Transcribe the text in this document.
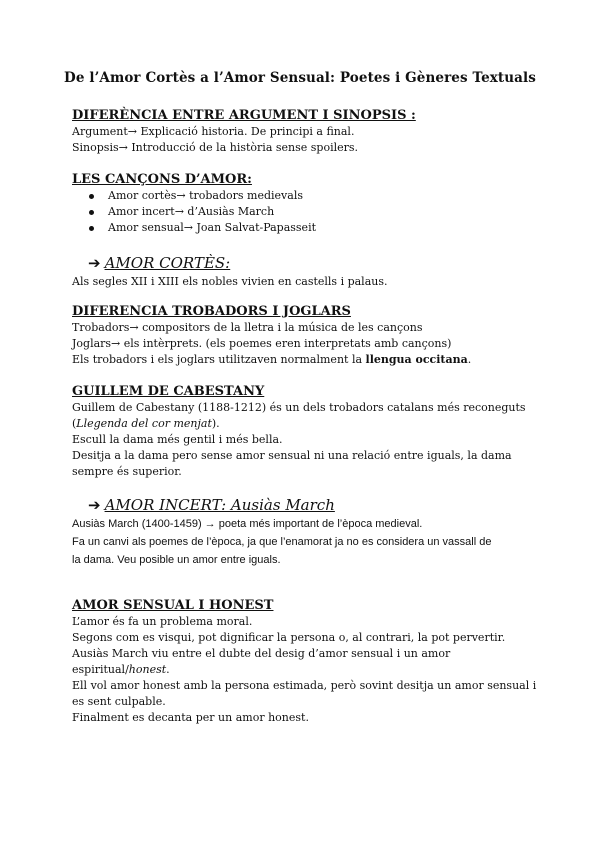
De l’Amor Cortès a l’Amor Sensual: Poetes i Gèneres Textuals
DIFERÈNCIA ENTRE ARGUMENT I SINOPSIS :
Argument→ Explicació historia. De principi a final.
Sinopsis→ Introducció de la història sense spoilers.
LES CANÇONS D’AMOR:
Amor cortès→ trobadors medievals
Amor incert→ d’Ausiàs March
Amor sensual→ Joan Salvat-Papasseit
➔ AMOR CORTÈS:
Als segles XII i XIII els nobles vivien en castells i palaus.
DIFERENCIA TROBADORS I JOGLARS
Trobadors→ compositors de la lletra i la música de les cançons
Joglars→ els intèrprets. (els poemes eren interpretats amb cançons)
Els trobadors i els joglars utilitzaven normalment la llengua occitana.
GUILLEM DE CABESTANY
Guillem de Cabestany (1188-1212) és un dels trobadors catalans més reconeguts
(Llegenda del cor menjat).
Escull la dama més gentil i més bella.
Desitja a la dama pero sense amor sensual ni una relació entre iguals, la dama
sempre és superior.
➔ AMOR INCERT: Ausiàs March
Ausiàs March (1400-1459) → poeta més important de l’època medieval.
Fa un canvi als poemes de l’època, ja que l’enamorat ja no es considera un vassall de
la dama. Veu posible un amor entre iguals.
AMOR SENSUAL I HONEST
L’amor és fa un problema moral.
Segons com es visqui, pot dignificar la persona o, al contrari, la pot pervertir.
Ausiàs March viu entre el dubte del desig d’amor sensual i un amor
espiritual/honest.
Ell vol amor honest amb la persona estimada, però sovint desitja un amor sensual i
es sent culpable.
Finalment es decanta per un amor honest.
